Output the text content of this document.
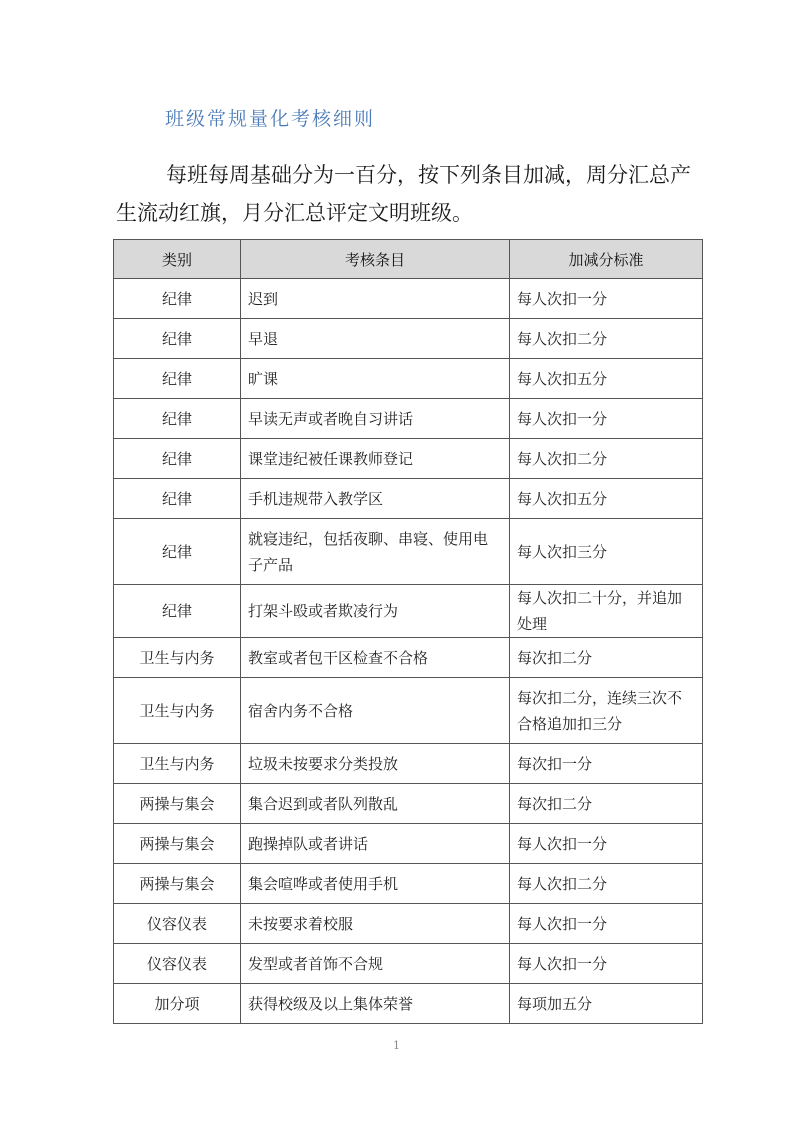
班级常规量化考核细则
每班每周基础分为一百分，按下列条目加减，周分汇总产生流动红旗，月分汇总评定文明班级。
类别	考核条目	加减分标准
纪律	迟到	每人次扣一分
纪律	早退	每人次扣二分
纪律	旷课	每人次扣五分
纪律	早读无声或者晚自习讲话	每人次扣一分
纪律	课堂违纪被任课教师登记	每人次扣二分
纪律	手机违规带入教学区	每人次扣五分
纪律	就寝违纪，包括夜聊、串寝、使用电子产品	每人次扣三分
纪律	打架斗殴或者欺凌行为	每人次扣二十分，并追加处理
卫生与内务	教室或者包干区检查不合格	每次扣二分
卫生与内务	宿舍内务不合格	每次扣二分，连续三次不合格追加扣三分
卫生与内务	垃圾未按要求分类投放	每次扣一分
两操与集会	集合迟到或者队列散乱	每次扣二分
两操与集会	跑操掉队或者讲话	每人次扣一分
两操与集会	集会喧哗或者使用手机	每人次扣二分
仪容仪表	未按要求着校服	每人次扣一分
仪容仪表	发型或者首饰不合规	每人次扣一分
加分项	获得校级及以上集体荣誉	每项加五分
1
